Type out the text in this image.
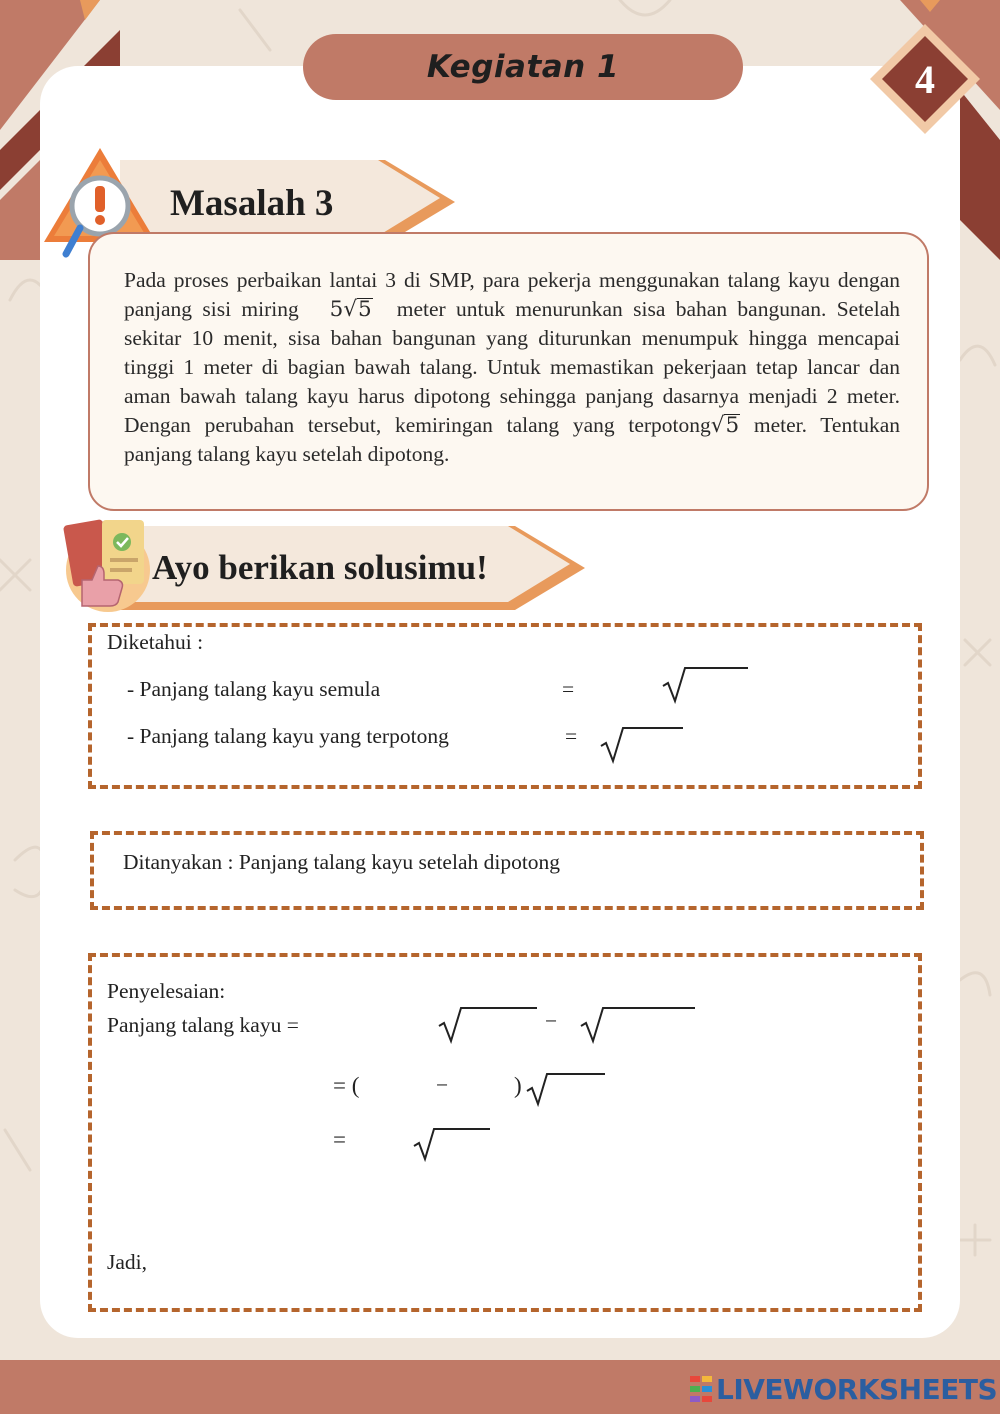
Kegiatan 1	4
Masalah 3
Pada proses perbaikan lantai 3 di SMP, para pekerja menggunakan talang kayu dengan panjang sisi miring    5√5   meter untuk menurunkan sisa bahan bangunan. Setelah sekitar 10 menit, sisa bahan bangunan yang diturunkan menumpuk hingga mencapai tinggi 1 meter di bagian bawah talang. Untuk memastikan pekerjaan tetap lancar dan aman bawah talang kayu harus dipotong sehingga panjang dasarnya menjadi 2 meter. Dengan perubahan tersebut, kemiringan talang yang terpotong√5 meter. Tentukan panjang talang kayu setelah dipotong.
Ayo berikan solusimu!
Diketahui :
- Panjang talang kayu semula	=
- Panjang talang kayu yang terpotong	=
Ditanyakan : Panjang talang kayu setelah dipotong
Penyelesaian:
Panjang talang kayu =	−
= (	−	)
=
Jadi,
LIVEWORKSHEETS
